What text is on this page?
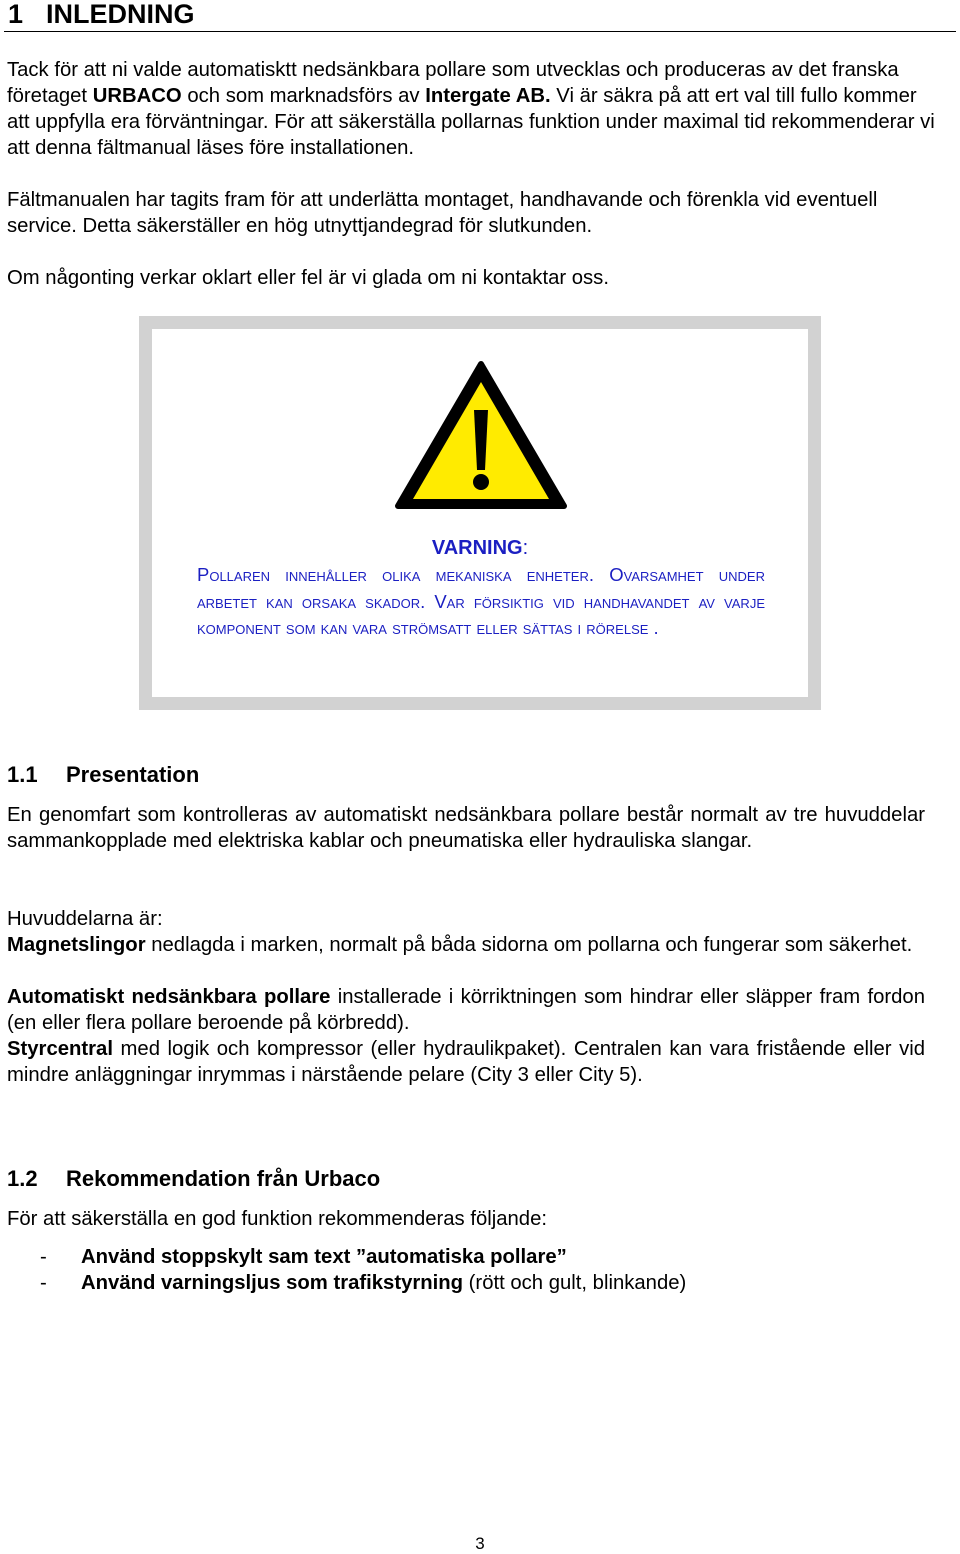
1 INLEDNING

Tack för att ni valde automatisktt nedsänkbara pollare som utvecklas och produceras av det franska företaget URBACO och som marknadsförs av Intergate AB. Vi är säkra på att ert val till fullo kommer att uppfylla era förväntningar. För att säkerställa pollarnas funktion under maximal tid rekommenderar vi att denna fältmanual läses före installationen.

Fältmanualen har tagits fram för att underlätta montaget, handhavande och förenkla vid eventuell service. Detta säkerställer en hög utnyttjandegrad för slutkunden.

Om någonting verkar oklart eller fel är vi glada om ni kontaktar oss.

VARNING:
Pollaren innehåller olika mekaniska enheter. Ovarsamhet under arbetet kan orsaka skador. Var försiktig vid handhavandet av varje komponent som kan vara strömsatt eller sättas i rörelse .
1.1 Presentation

En genomfart som kontrolleras av automatiskt nedsänkbara pollare består normalt av tre huvuddelar sammankopplade med elektriska kablar och pneumatiska eller hydrauliska slangar.

Huvuddelarna är:

Magnetslingor nedlagda i marken, normalt på båda sidorna om pollarna och fungerar som säkerhet.

Automatiskt nedsänkbara pollare installerade i körriktningen som hindrar eller släpper fram fordon (en eller flera pollare beroende på körbredd).

Styrcentral med logik och kompressor (eller hydraulikpaket). Centralen kan vara fristående eller vid mindre anläggningar inrymmas i närstående pelare (City 3 eller City 5).

1.2 Rekommendation från Urbaco

För att säkerställa en god funktion rekommenderas följande:

- Använd stoppskylt sam text ”automatiska pollare”
- Använd varningsljus som trafikstyrning (rött och gult, blinkande)
3
